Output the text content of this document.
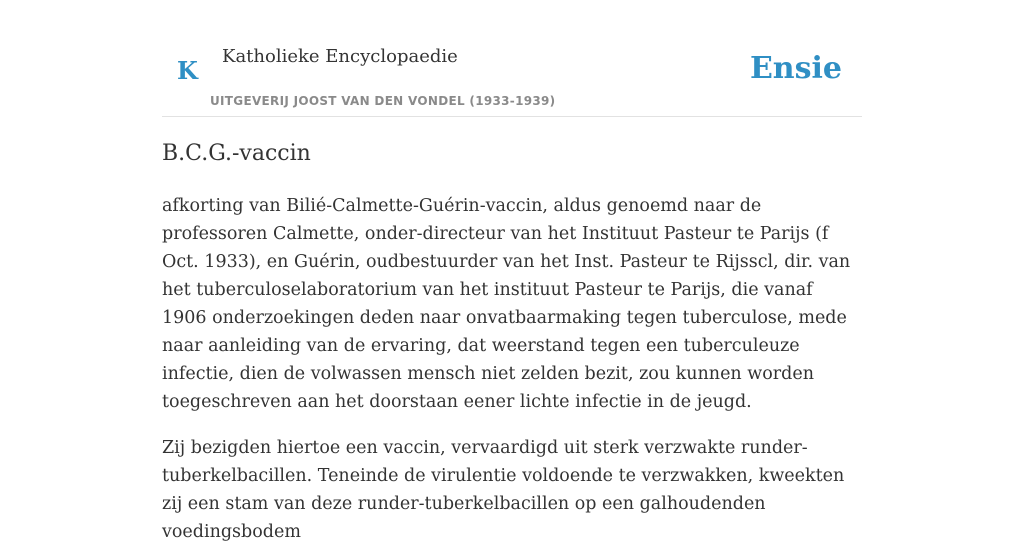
K Katholieke Encyclopaedie
UITGEVERIJ JOOST VAN DEN VONDEL (1933-1939)
Ensie
B.C.G.-vaccin

afkorting van Bilié-Calmette-Guérin-vaccin, aldus genoemd naar de professoren Calmette, onder-directeur van het Instituut Pasteur te Parijs (f Oct. 1933), en Guérin, oudbestuurder van het Inst. Pasteur te Rijsscl, dir. van het tuberculoselaboratorium van het instituut Pasteur te Parijs, die vanaf 1906 onderzoekingen deden naar onvatbaarmaking tegen tuberculose, mede naar aanleiding van de ervaring, dat weerstand tegen een tuberculeuze infectie, dien de volwassen mensch niet zelden bezit, zou kunnen worden toegeschreven aan het doorstaan eener lichte infectie in de jeugd.

Zij bezigden hiertoe een vaccin, vervaardigd uit sterk verzwakte runder-tuberkelbacillen. Teneinde de virulentie voldoende te verzwakken, kweekten zij een stam van deze runder-tuberkelbacillen op een galhoudenden voedingsbodem
